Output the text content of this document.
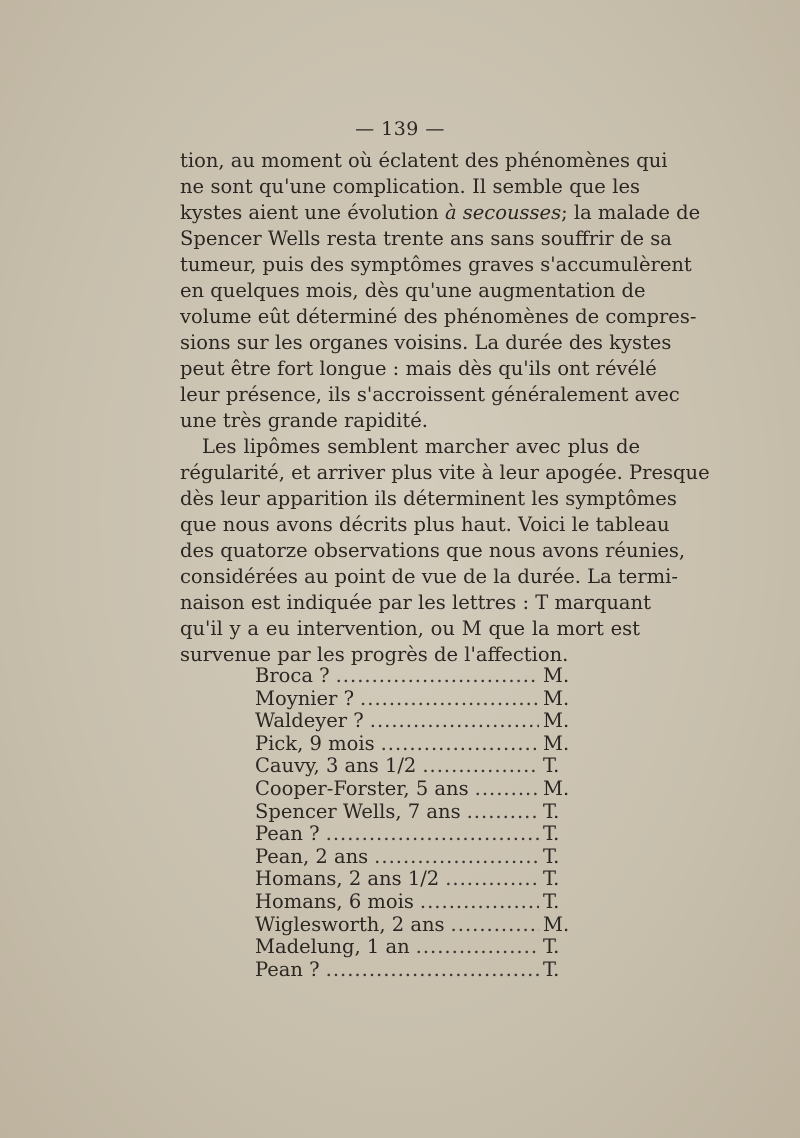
— 139 —

tion, au moment où éclatent des phénomènes qui
ne sont qu'une complication. Il semble que les
kystes aient une évolution à secousses; la malade de
Spencer Wells resta trente ans sans souffrir de sa
tumeur, puis des symptômes graves s'accumulèrent
en quelques mois, dès qu'une augmentation de
volume eût déterminé des phénomènes de compres-
sions sur les organes voisins. La durée des kystes
peut être fort longue : mais dès qu'ils ont révélé
leur présence, ils s'accroissent généralement avec
une très grande rapidité.

Les lipômes semblent marcher avec plus de
régularité, et arriver plus vite à leur apogée. Presque
dès leur apparition ils déterminent les symptômes
que nous avons décrits plus haut. Voici le tableau
des quatorze observations que nous avons réunies,
considérées au point de vue de la durée. La termi-
naison est indiquée par les lettres : T marquant
qu'il y a eu intervention, ou M que la mort est
survenue par les progrès de l'affection.

Broca ? .....	M.
Moynier ? .....	M.
Waldeyer ? .....	M.
Pick, 9 mois .....	M.
Cauvy, 3 ans 1/2 .....	T.
Cooper-Forster, 5 ans .....	M.
Spencer Wells, 7 ans .....	T.
Pean ? .....	T.
Pean, 2 ans .....	T.
Homans, 2 ans 1/2 .....	T.
Homans, 6 mois .....	T.
Wiglesworth, 2 ans .....	M.
Madelung, 1 an .....	T.
Pean ? .....	T.
